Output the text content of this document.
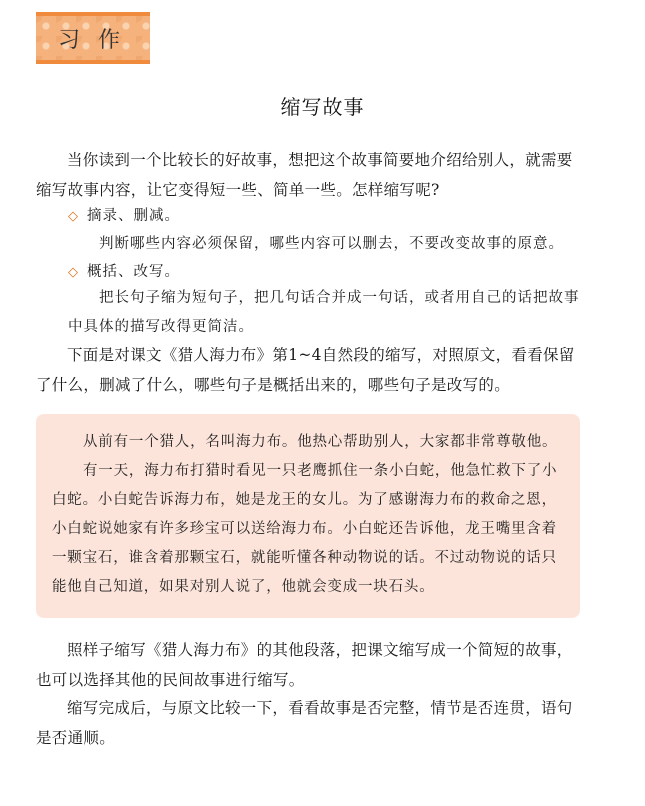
习作
缩写故事

当你读到一个比较长的好故事，想把这个故事简要地介绍给别人，就需要缩写故事内容，让它变得短一些、简单一些。怎样缩写呢?

◇ 摘录、删减。

判断哪些内容必须保留，哪些内容可以删去，不要改变故事的原意。

◇ 概括、改写。

把长句子缩为短句子，把几句话合并成一句话，或者用自己的话把故事中具体的描写改得更简洁。

下面是对课文《猎人海力布》第1~4自然段的缩写，对照原文，看看保留了什么，删减了什么，哪些句子是概括出来的，哪些句子是改写的。

从前有一个猎人，名叫海力布。他热心帮助别人，大家都非常尊敬他。

有一天，海力布打猎时看见一只老鹰抓住一条小白蛇，他急忙救下了小白蛇。小白蛇告诉海力布，她是龙王的女儿。为了感谢海力布的救命之恩，小白蛇说她家有许多珍宝可以送给海力布。小白蛇还告诉他，龙王嘴里含着一颗宝石，谁含着那颗宝石，就能听懂各种动物说的话。不过动物说的话只能他自己知道，如果对别人说了，他就会变成一块石头。

照样子缩写《猎人海力布》的其他段落，把课文缩写成一个简短的故事，也可以选择其他的民间故事进行缩写。

缩写完成后，与原文比较一下，看看故事是否完整，情节是否连贯，语句是否通顺。
